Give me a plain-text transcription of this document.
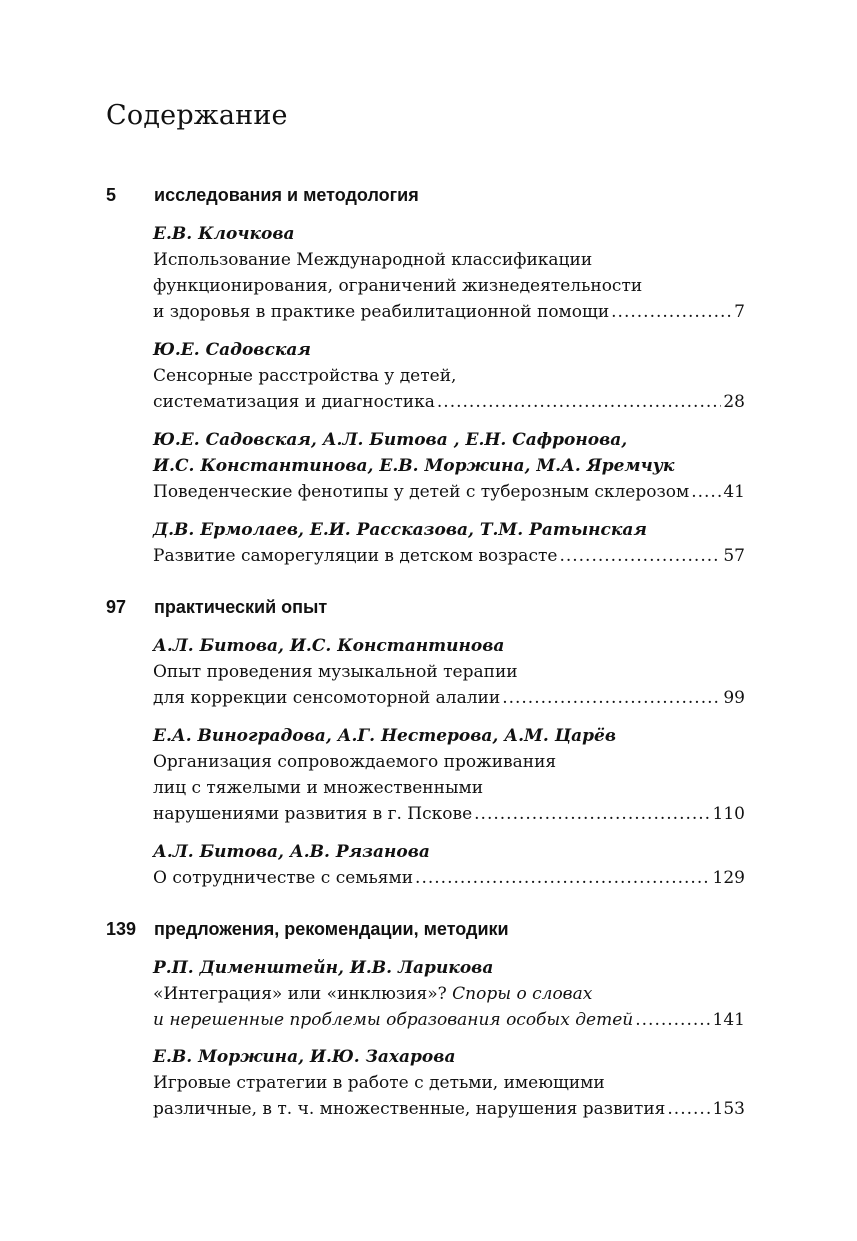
Содержание
5 исследования и методология
Е.В. Клочкова
Использование Международной классификации
функционирования, ограничений жизнедеятельности
и здоровья в практике реабилитационной помощи .....	7
Ю.Е. Садовская
Сенсорные расстройства у детей,
систематизация и диагностика .....	28
Ю.Е. Садовская, А.Л. Битова , Е.Н. Сафронова,
И.С. Константинова, Е.В. Моржина, М.А. Яремчук
Поведенческие фенотипы у детей с туберозным склерозом ..... 41
Д.В. Ермолаев, Е.И. Рассказова, Т.М. Ратынская
Развитие саморегуляции в детском возрасте .....	57
97 практический опыт
А.Л. Битова, И.С. Константинова
Опыт проведения музыкальной терапии
для коррекции сенсомоторной алалии .....	99
Е.А. Виноградова, А.Г. Нестерова, А.М. Царёв
Организация сопровождаемого проживания
лиц с тяжелыми и множественными
нарушениями развития в г. Пскове .....	110
А.Л. Битова, А.В. Рязанова
О сотрудничестве с семьями .....	129
139 предложения, рекомендации, методики
Р.П. Дименштейн, И.В. Ларикова
«Интеграция» или «инклюзия»? Споры о словах
и нерешенные проблемы образования особых детей .....	141
Е.В. Моржина, И.Ю. Захарова
Игровые стратегии в работе с детьми, имеющими
различные, в т. ч. множественные, нарушения развития .....	153
